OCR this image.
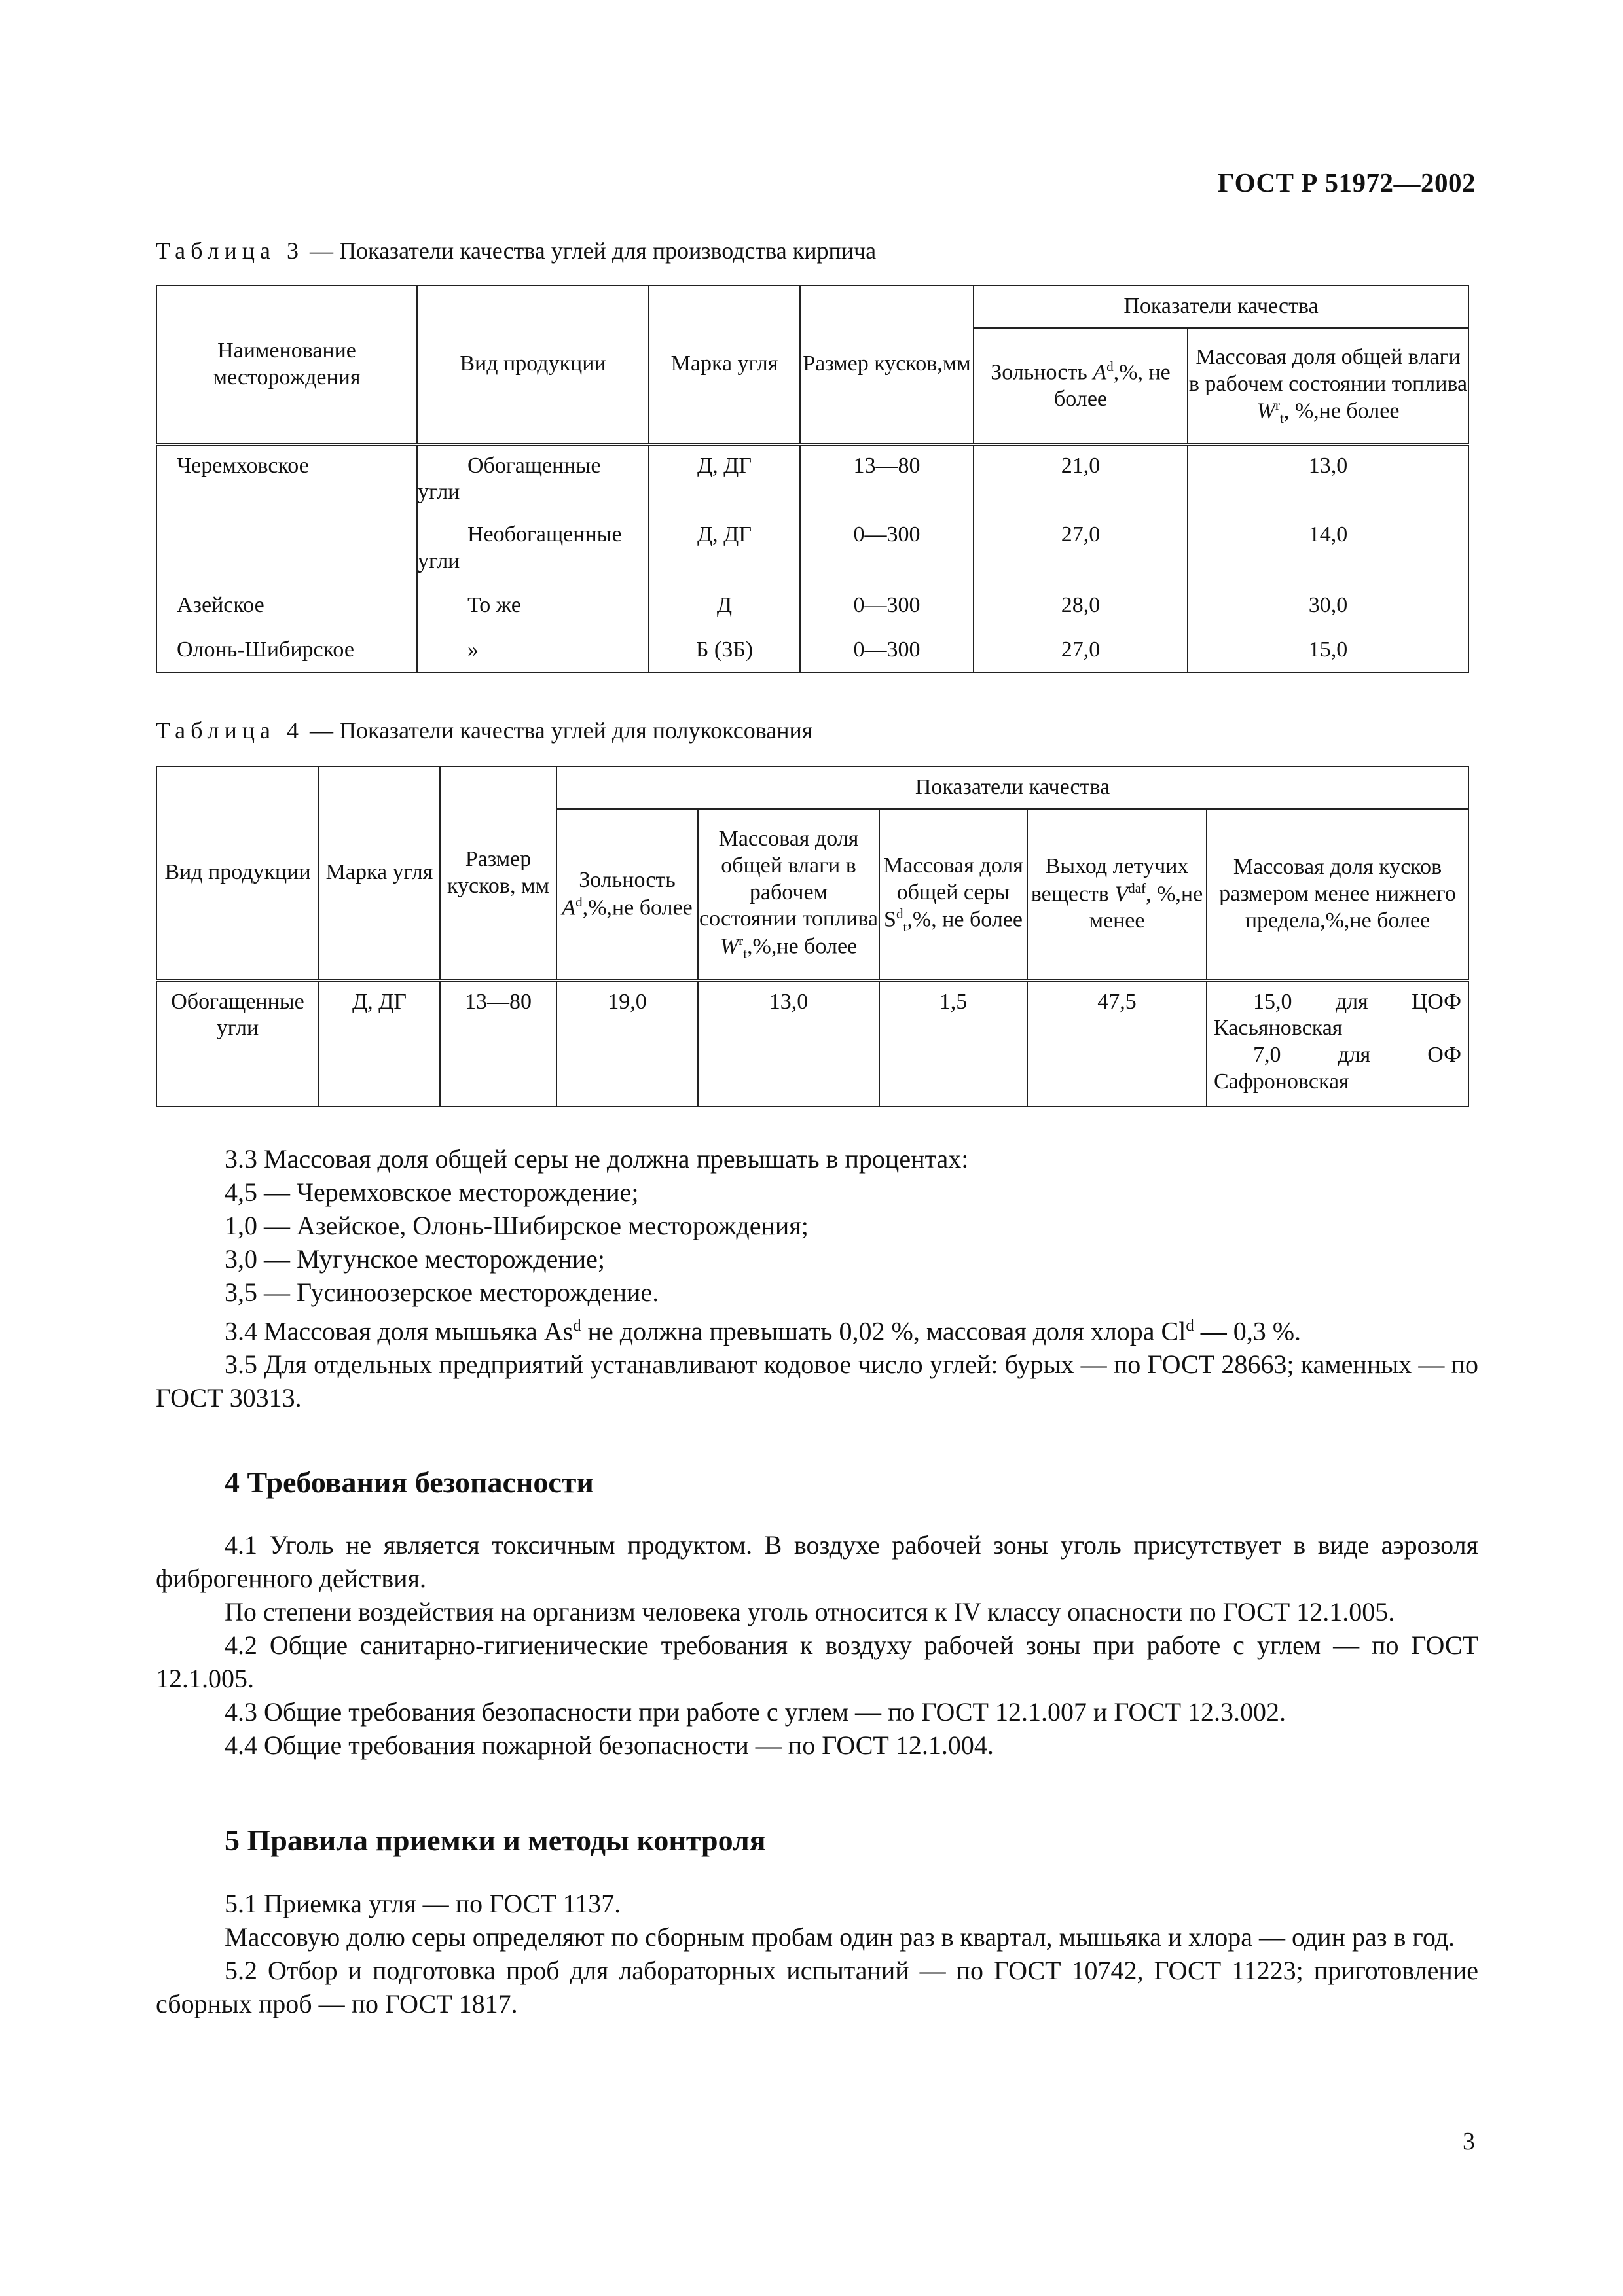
ГОСТ Р 51972—2002
Таблица 3 — Показатели качества углей для производства кирпича
Наименование месторождения	Вид продукции	Марка угля	Размер кусков,мм	Показатели качества	
				Зольность $A^d,\%$, не более	Массовая доля общей влаги в рабочем состоянии топлива $W^r_t$, %,не более
Черемховское	Обогащенные угли	Д, ДГ	13—80	21,0	13,0

	Необогащенные угли	Д, ДГ	0—300	27,0	14,0
Азейское	То же	Д	0—300	28,0	30,0
Олонь-Шибирское	»	Б (3Б)	0—300	27,0	15,0
Таблица 4 — Показатели качества углей для полукоксования
Вид продукции	Марка угля	Размер кусков, мм	Показатели качества				
			Зольность $A^d,\%,не$ более	Массовая доля общей влаги в рабочем состоянии топлива $W^r_t,\%,не$ более	Массовая доля общей серы $S^d_t,\%$, не более	Выход летучих веществ $V^{daf}$, %,не менее	Массовая доля кусков размером менее нижнего предела,%,не более
Обогащенные угли	Д, ДГ	13—80	19,0	13,0	1,5	47,5	15,0 для ЦОФ Касьяновская
7,0 для ОФ Сафроновская
3.3 Массовая доля общей серы не должна превышать в процентах:
4,5 — Черемховское месторождение;
1,0 — Азейское, Олонь-Шибирское месторождения;
3,0 — Мугунское месторождение;
3,5 — Гусиноозерское месторождение.
3.4 Массовая доля мышьяка As$^d$ не должна превышать 0,02 %, массовая доля хлора Cl$^d$ — 0,3 %.
3.5 Для отдельных предприятий устанавливают кодовое число углей: бурых — по ГОСТ 28663; каменных — по ГОСТ 30313.
4 Требования безопасности
4.1 Уголь не является токсичным продуктом. В воздухе рабочей зоны уголь присутствует в виде аэрозоля фиброгенного действия.
По степени воздействия на организм человека уголь относится к IV классу опасности по ГОСТ 12.1.005.
4.2 Общие санитарно-гигиенические требования к воздуху рабочей зоны при работе с углем — по ГОСТ 12.1.005.
4.3 Общие требования безопасности при работе с углем — по ГОСТ 12.1.007 и ГОСТ 12.3.002.
4.4 Общие требования пожарной безопасности — по ГОСТ 12.1.004.
5 Правила приемки и методы контроля
5.1 Приемка угля — по ГОСТ 1137.
Массовую долю серы определяют по сборным пробам один раз в квартал, мышьяка и хлора — один раз в год.
5.2 Отбор и подготовка проб для лабораторных испытаний — по ГОСТ 10742, ГОСТ 11223; приготовление сборных проб — по ГОСТ 1817.
3
